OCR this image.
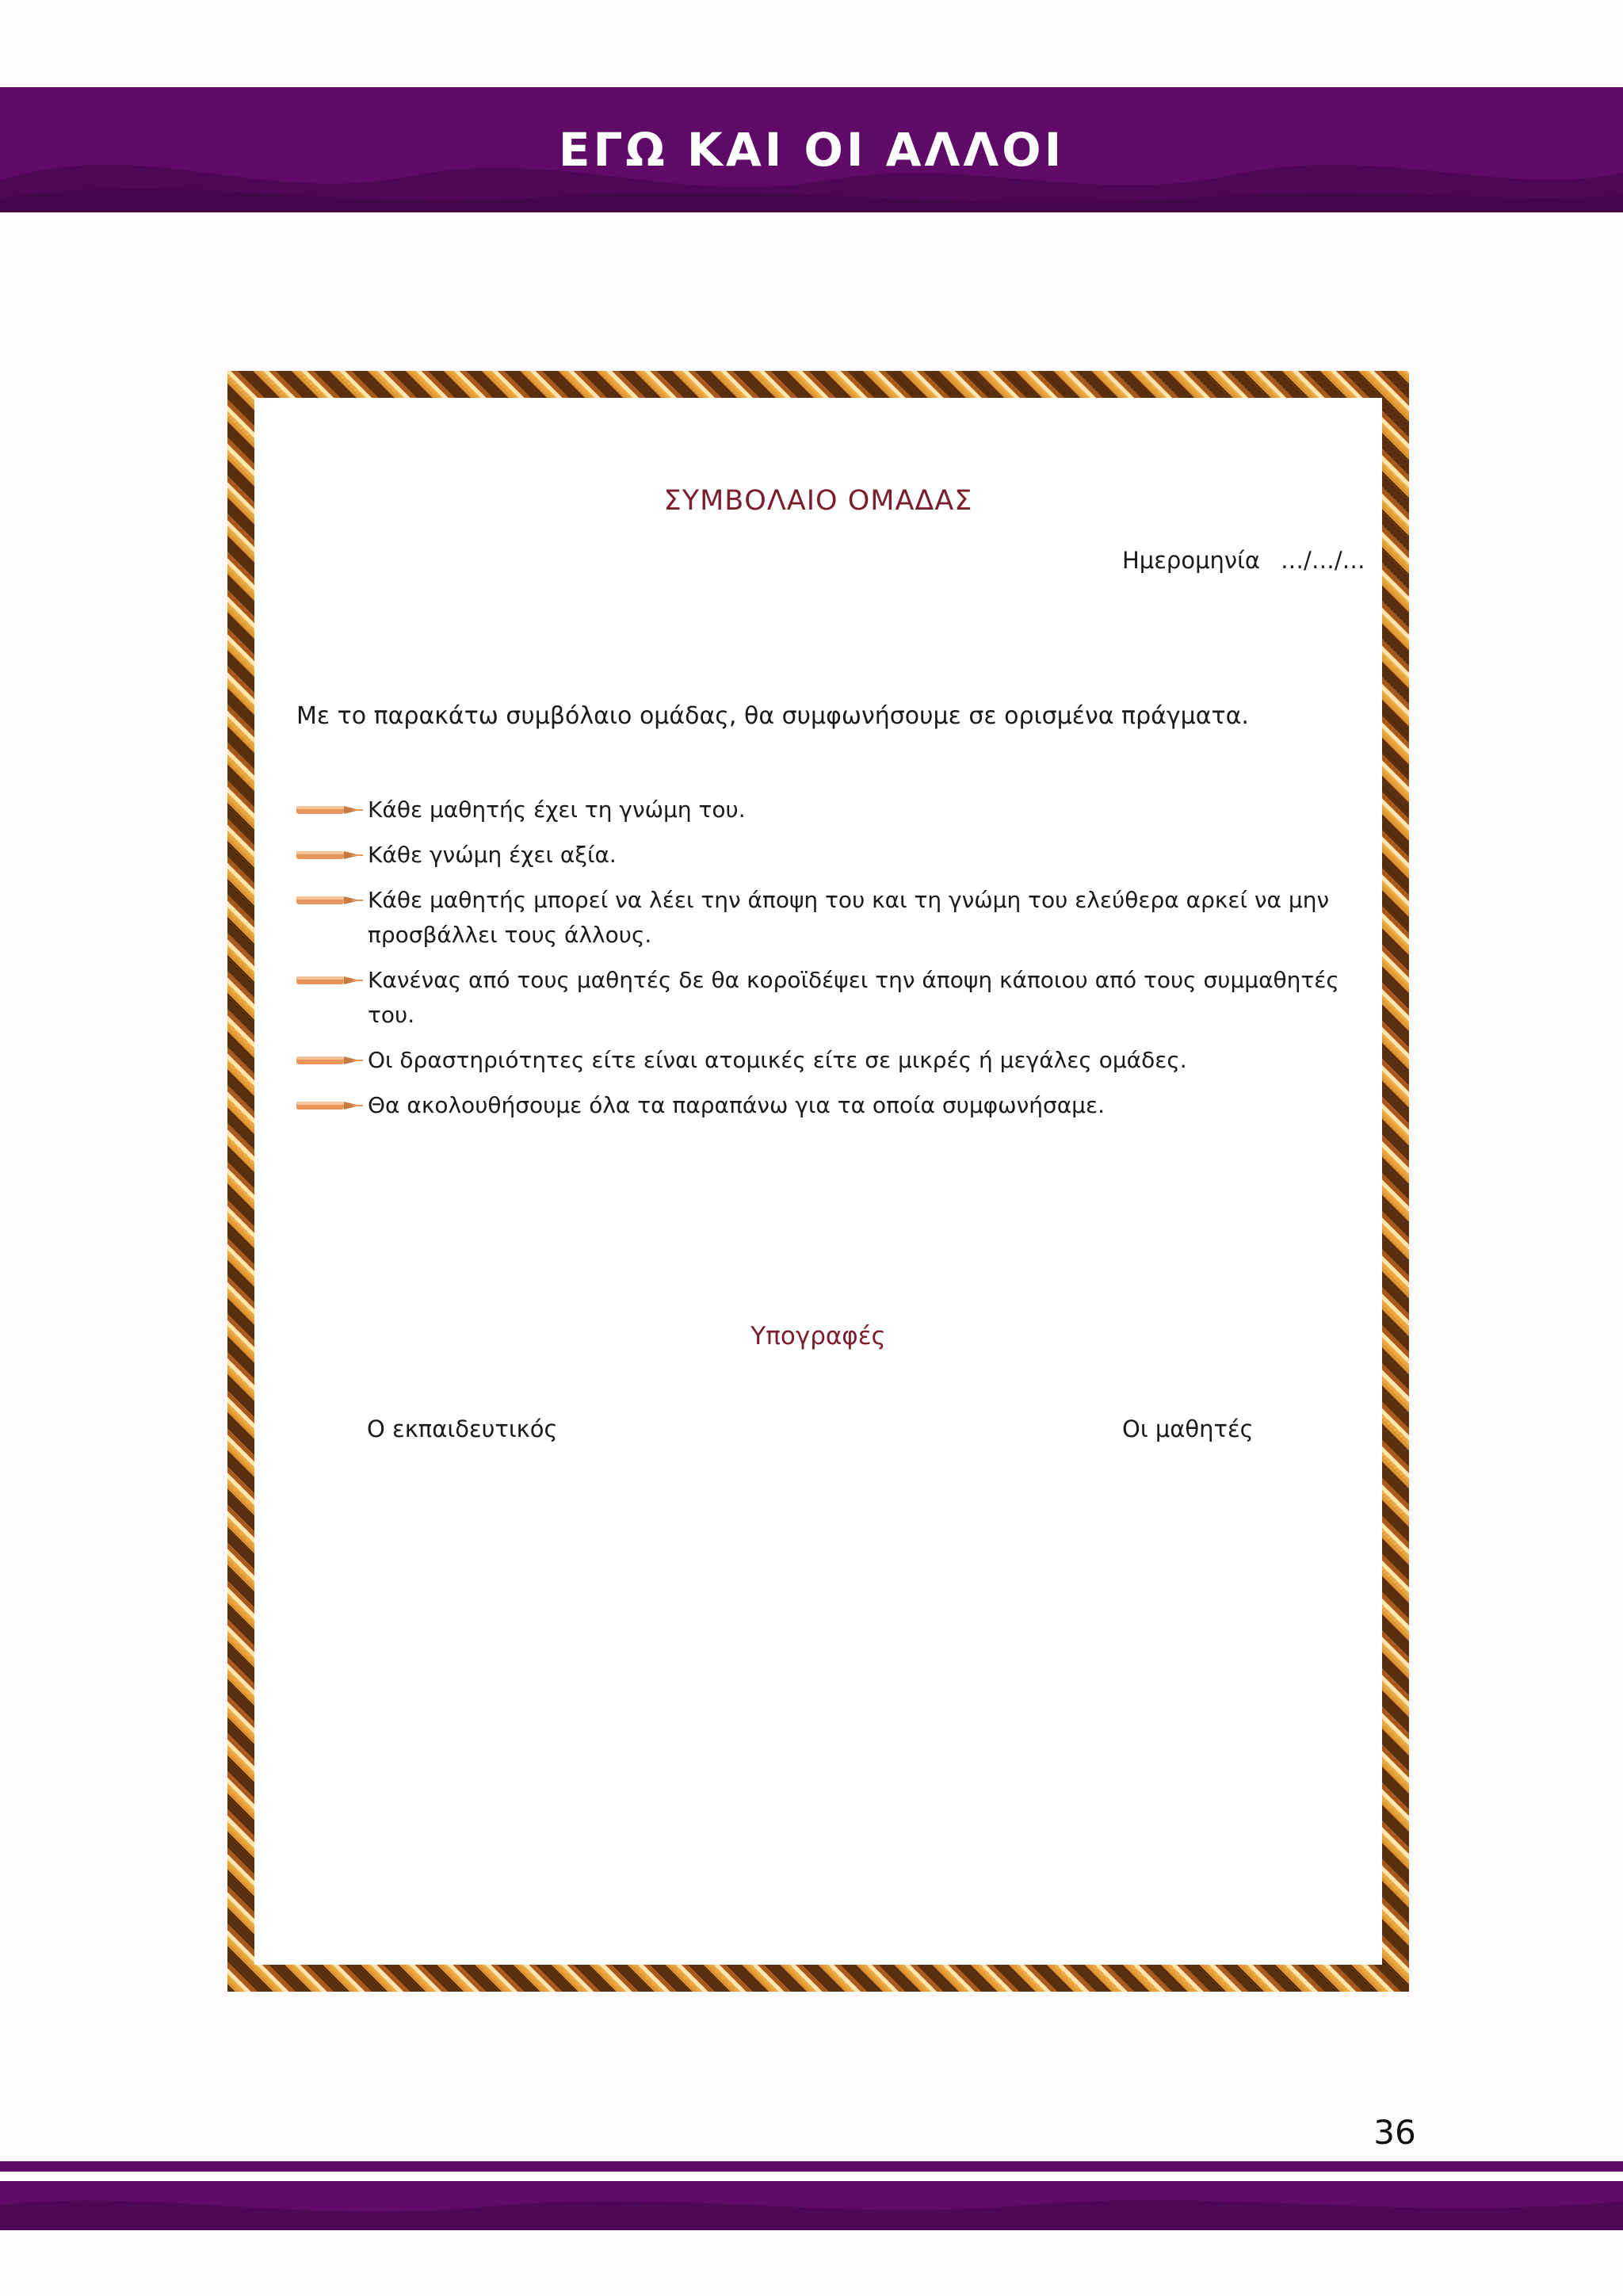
ΕΓΩ ΚΑΙ ΟΙ ΑΛΛΟΙ
ΣΥΜΒΟΛΑΙΟ ΟΜΑΔΑΣ
Ημερομηνία …/…/…
Με το παρακάτω συμβόλαιο ομάδας, θα συμφωνήσουμε σε ορισμένα πράγματα.
Κάθε μαθητής έχει τη γνώμη του.
Κάθε γνώμη έχει αξία.
Κάθε μαθητής μπορεί να λέει την άποψη του και τη γνώμη του ελεύθερα αρκεί να μην προσβάλλει τους άλλους.
Κανένας από τους μαθητές δε θα κοροϊδέψει την άποψη κάποιου από τους συμμαθητές του.
Οι δραστηριότητες είτε είναι ατομικές είτε σε μικρές ή μεγάλες ομάδες.
Θα ακολουθήσουμε όλα τα παραπάνω για τα οποία συμφωνήσαμε.
Υπογραφές
Ο εκπαιδευτικός	Οι μαθητές
36
